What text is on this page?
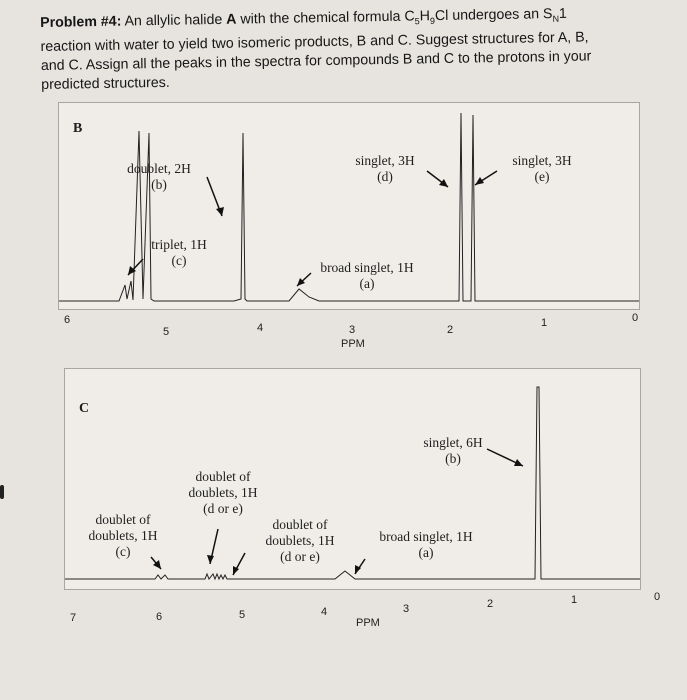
Problem #4: An allylic halide A with the chemical formula $C_5H_9Cl$ undergoes an $S_N1$
reaction with water to yield two isomeric products, B and C. Suggest structures for A, B,
and C. Assign all the peaks in the spectra for compounds B and C to the protons in your
predicted structures.
B
doublet, 2H
(b)
triplet, 1H
(c)	broad singlet, 1H
(a)
singlet, 3H
(d)
singlet, 3H
(e)
6
5	4	3	2
1	0
PPM
C
doublet of
doublets, 1H
(c)
doublet of
doublets, 1H
(d or e)
doublet of
doublets, 1H
(d or e)
broad singlet, 1H
(a)
singlet, 6H
(b)
7	6	5	4	3	2	1	0
PPM
